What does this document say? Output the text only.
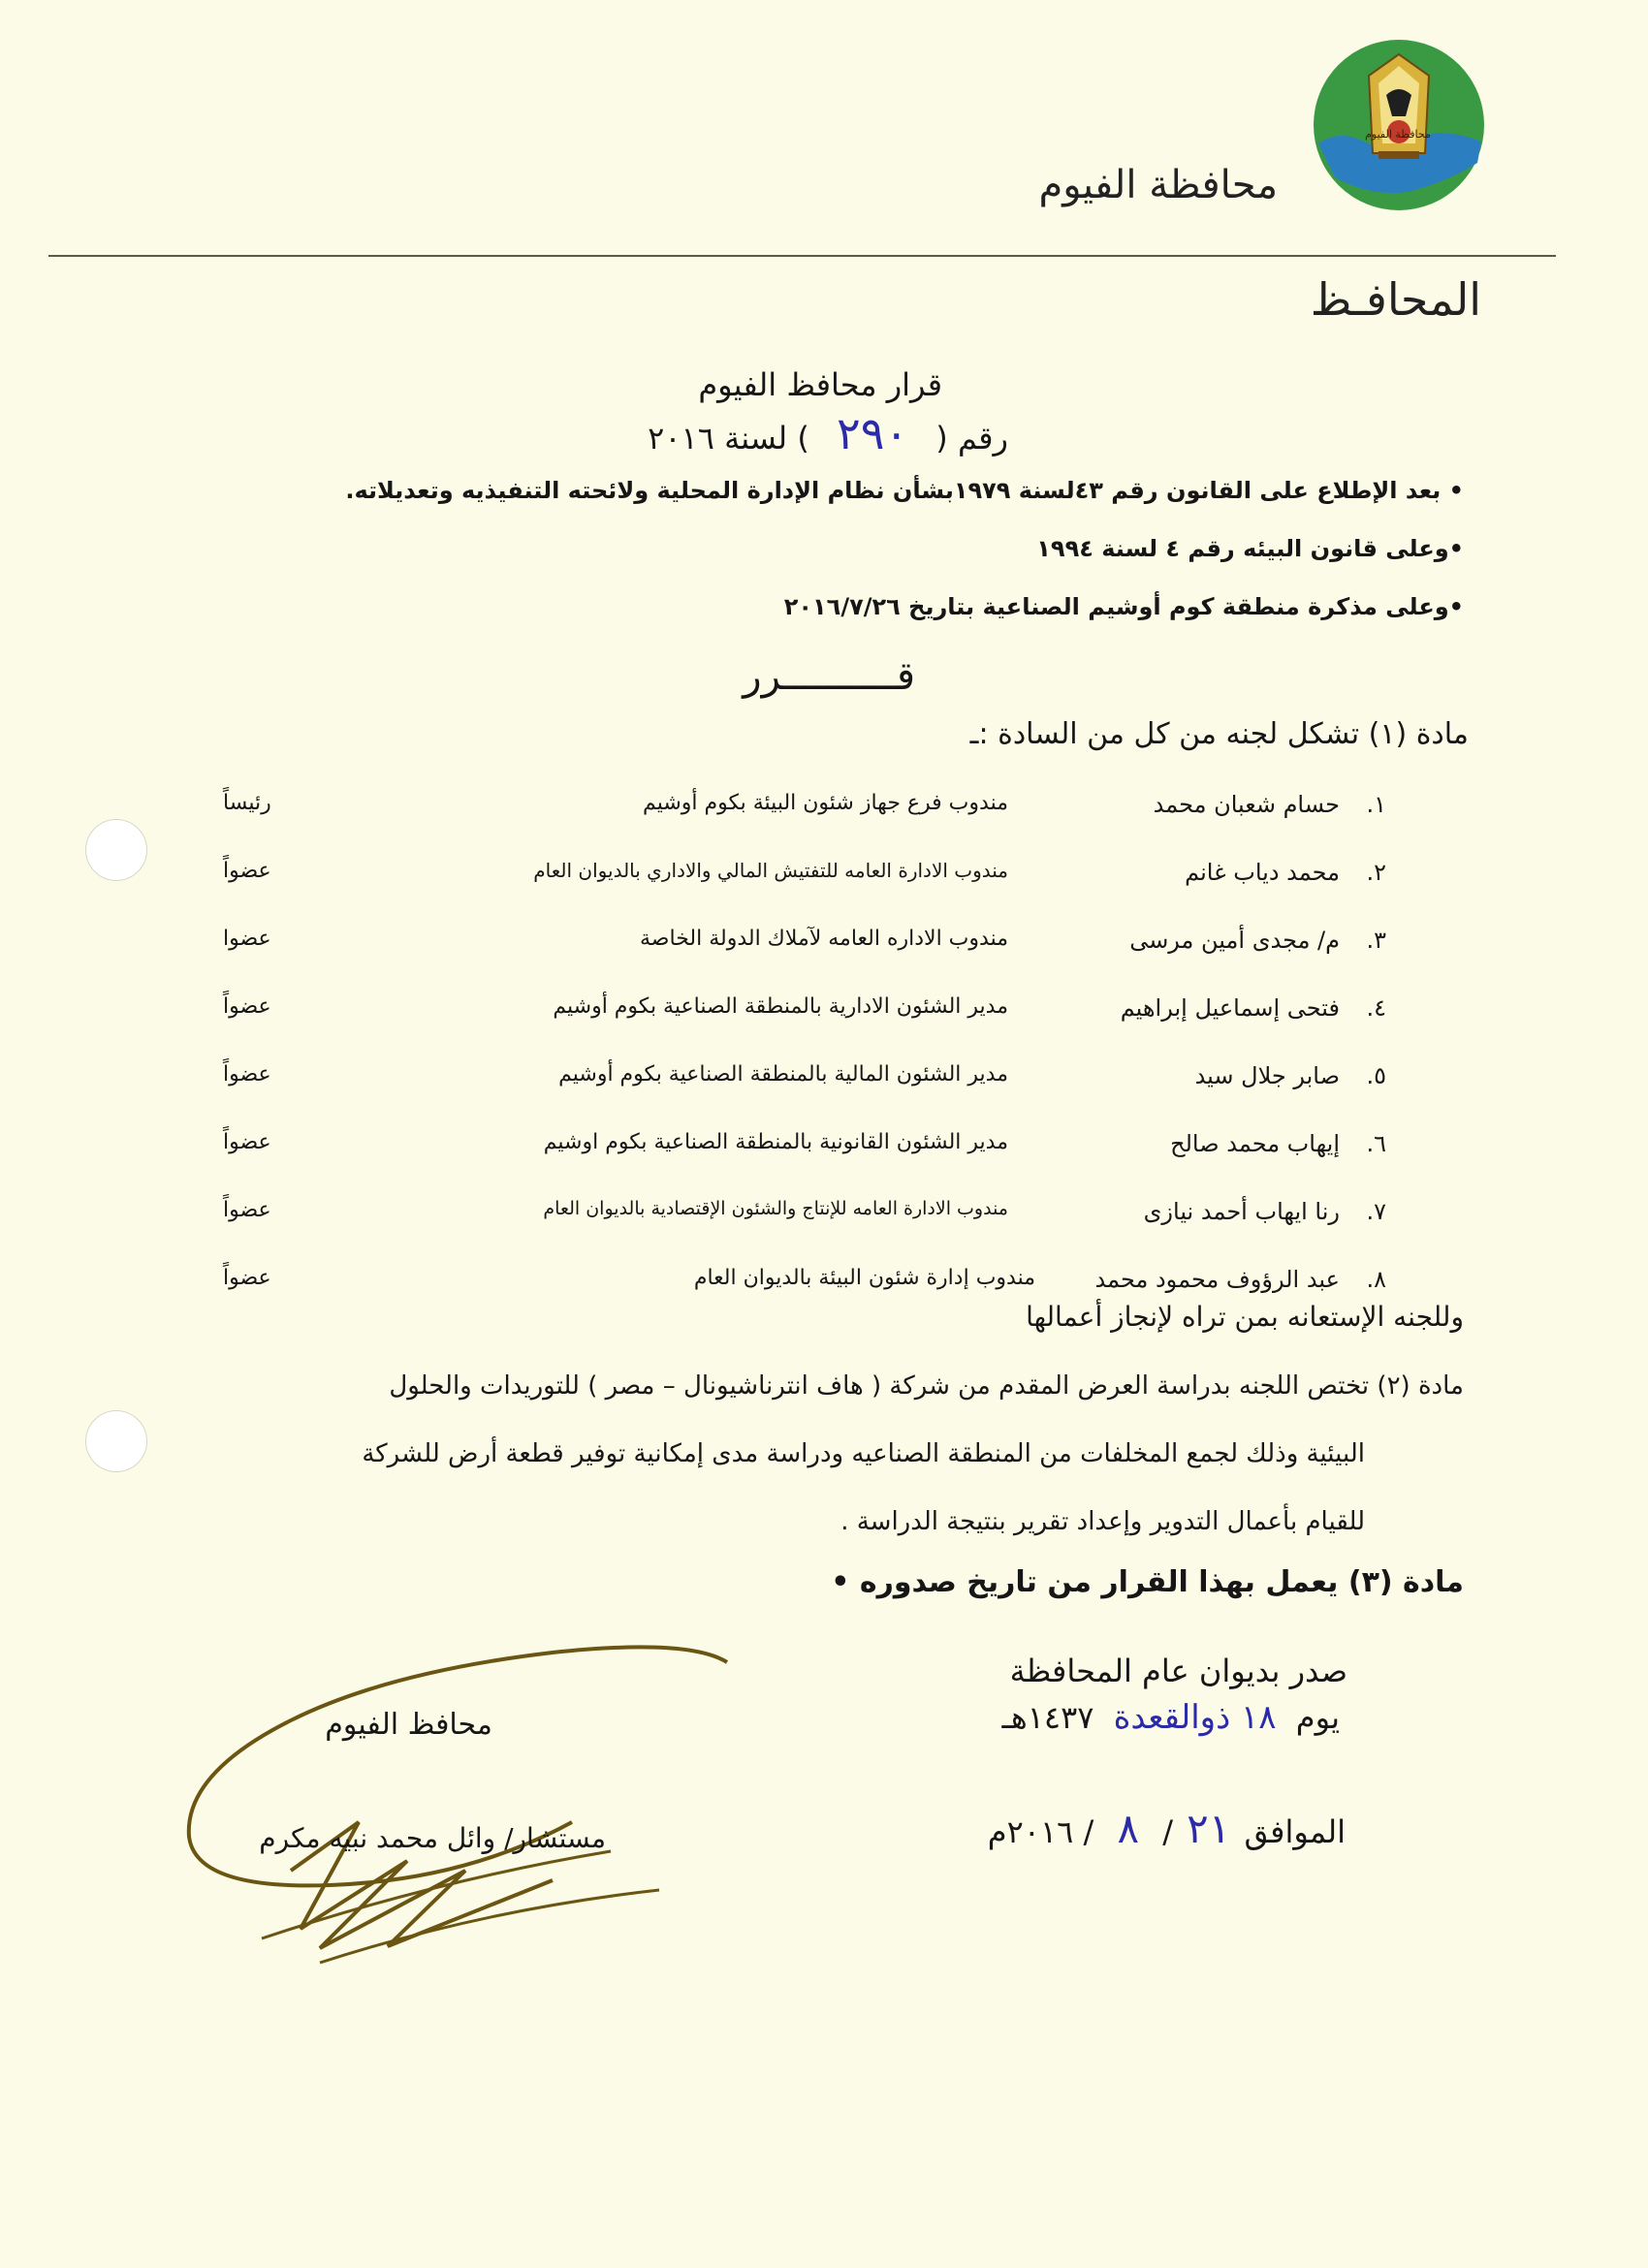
محافظة الفيوم
محافظة الفيوم
المحافـظ
قرار محافظ الفيوم
رقم ( ٢٩٠ ) لسنة ٢٠١٦
• بعد الإطلاع على القانون رقم ٤٣لسنة ١٩٧٩بشأن نظام الإدارة المحلية ولائحته التنفيذيه وتعديلاته.
•وعلى قانون البيئه رقم ٤ لسنة ١٩٩٤
•وعلى مذكرة منطقة كوم أوشيم الصناعية بتاريخ ٢٠١٦/٧/٢٦
قــــــــــرر
مادة (١) تشكل لجنه من كل من السادة :ـ
١.
حسام شعبان محمد
مندوب فرع جهاز شئون البيئة بكوم أوشيم
رئيساً
٢.
محمد دياب غانم
مندوب الادارة العامه للتفتيش المالي والاداري بالديوان العام
عضواً
٣.
م/ مجدى أمين مرسى
مندوب الاداره العامه لآملاك الدولة الخاصة
عضوا
٤.
فتحى إسماعيل إبراهيم
مدير الشئون الادارية بالمنطقة الصناعية بكوم أوشيم
عضواً
٥.
صابر جلال سيد
مدير الشئون المالية بالمنطقة الصناعية بكوم أوشيم
عضواً
٦.
إيهاب محمد صالح
مدير الشئون القانونية بالمنطقة الصناعية بكوم اوشيم
عضواً
٧.
رنا ايهاب أحمد نيازى
مندوب الادارة العامه للإنتاج والشئون الإقتصادية بالديوان العام
عضواً
٨.
عبد الرؤوف محمود محمد
مندوب إدارة شئون البيئة بالديوان العام
عضواً
وللجنه الإستعانه بمن تراه لإنجاز أعمالها
مادة (٢) تختص اللجنه بدراسة العرض المقدم من شركة ( هاف انترناشيونال – مصر ) للتوريدات والحلول
البيئية وذلك لجمع المخلفات من المنطقة الصناعيه ودراسة مدى إمكانية توفير قطعة أرض للشركة
للقيام بأعمال التدوير وإعداد تقرير بنتيجة الدراسة .
مادة (٣) يعمل بهذا القرار من تاريخ صدوره •
صدر بديوان عام المحافظة
يوم ١٨ ذوالقعدة ١٤٣٧هـ
الموافق ٢١ / ٨ / ٢٠١٦م
محافظ الفيوم
مستشار/ وائل محمد نبيه مكرم
